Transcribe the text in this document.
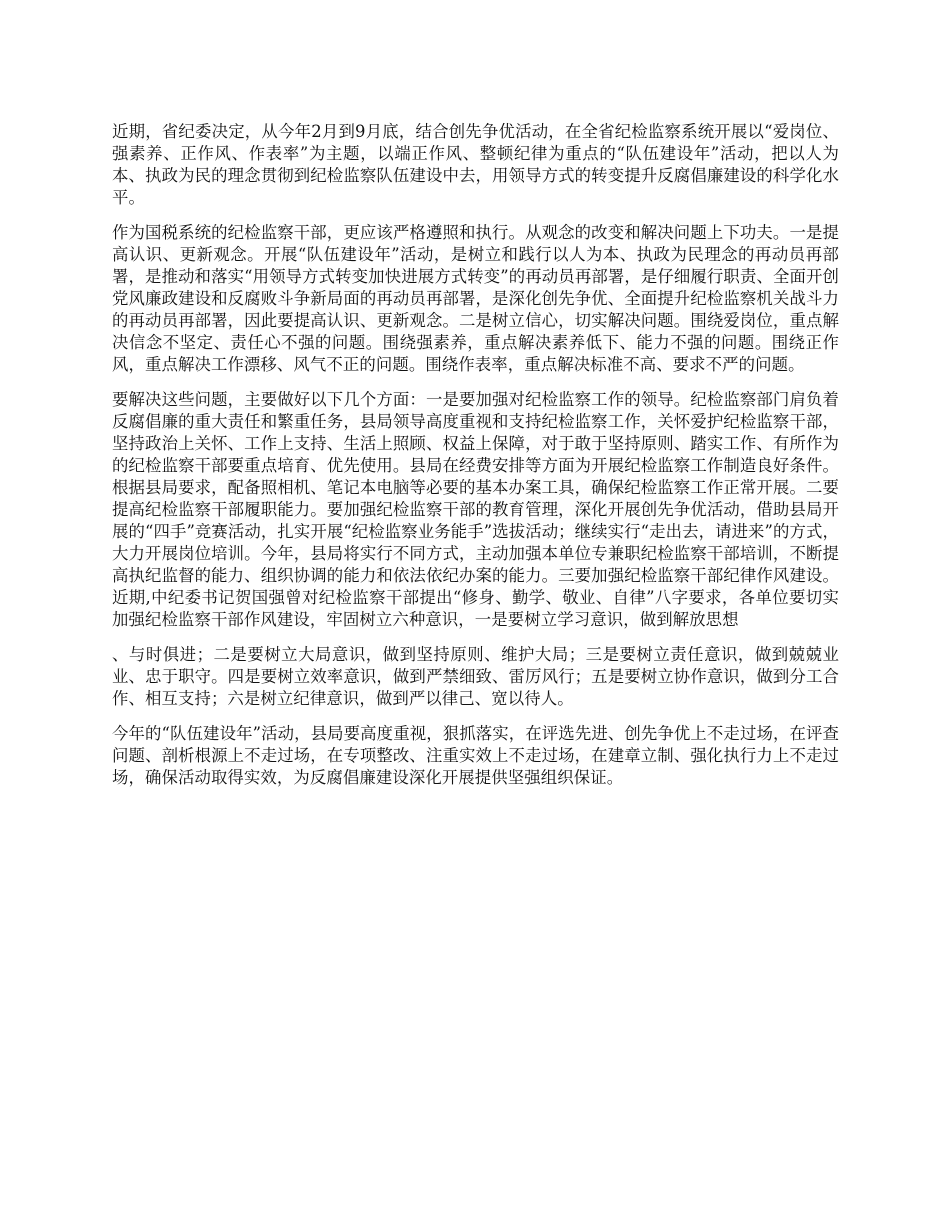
近期，省纪委决定，从今年2月到9月底，结合创先争优活动，在全省纪检监察系统开展以“爱岗位、强素养、正作风、作表率”为主题，以端正作风、整顿纪律为重点的“队伍建设年”活动，把以人为本、执政为民的理念贯彻到纪检监察队伍建设中去，用领导方式的转变提升反腐倡廉建设的科学化水平。

作为国税系统的纪检监察干部，更应该严格遵照和执行。从观念的改变和解决问题上下功夫。一是提高认识、更新观念。开展“队伍建设年”活动，是树立和践行以人为本、执政为民理念的再动员再部署，是推动和落实“用领导方式转变加快进展方式转变”的再动员再部署，是仔细履行职责、全面开创党风廉政建设和反腐败斗争新局面的再动员再部署，是深化创先争优、全面提升纪检监察机关战斗力的再动员再部署，因此要提高认识、更新观念。二是树立信心，切实解决问题。围绕爱岗位，重点解决信念不坚定、责任心不强的问题。围绕强素养，重点解决素养低下、能力不强的问题。围绕正作风，重点解决工作漂移、风气不正的问题。围绕作表率，重点解决标准不高、要求不严的问题。

要解决这些问题，主要做好以下几个方面：一是要加强对纪检监察工作的领导。纪检监察部门肩负着反腐倡廉的重大责任和繁重任务，县局领导高度重视和支持纪检监察工作，关怀爱护纪检监察干部，坚持政治上关怀、工作上支持、生活上照顾、权益上保障，对于敢于坚持原则、踏实工作、有所作为的纪检监察干部要重点培育、优先使用。县局在经费安排等方面为开展纪检监察工作制造良好条件。根据县局要求，配备照相机、笔记本电脑等必要的基本办案工具，确保纪检监察工作正常开展。二要提高纪检监察干部履职能力。要加强纪检监察干部的教育管理，深化开展创先争优活动，借助县局开展的“四手”竞赛活动，扎实开展“纪检监察业务能手”选拔活动；继续实行“走出去，请进来”的方式，大力开展岗位培训。今年，县局将实行不同方式，主动加强本单位专兼职纪检监察干部培训，不断提高执纪监督的能力、组织协调的能力和依法依纪办案的能力。三要加强纪检监察干部纪律作风建设。近期,中纪委书记贺国强曾对纪检监察干部提出“修身、勤学、敬业、自律”八字要求，各单位要切实加强纪检监察干部作风建设，牢固树立六种意识，一是要树立学习意识，做到解放思想

、与时俱进；二是要树立大局意识，做到坚持原则、维护大局；三是要树立责任意识，做到兢兢业业、忠于职守。四是要树立效率意识，做到严禁细致、雷厉风行；五是要树立协作意识，做到分工合作、相互支持；六是树立纪律意识，做到严以律己、宽以待人。

今年的“队伍建设年”活动，县局要高度重视，狠抓落实，在评选先进、创先争优上不走过场，在评查问题、剖析根源上不走过场，在专项整改、注重实效上不走过场，在建章立制、强化执行力上不走过场，确保活动取得实效，为反腐倡廉建设深化开展提供坚强组织保证。
